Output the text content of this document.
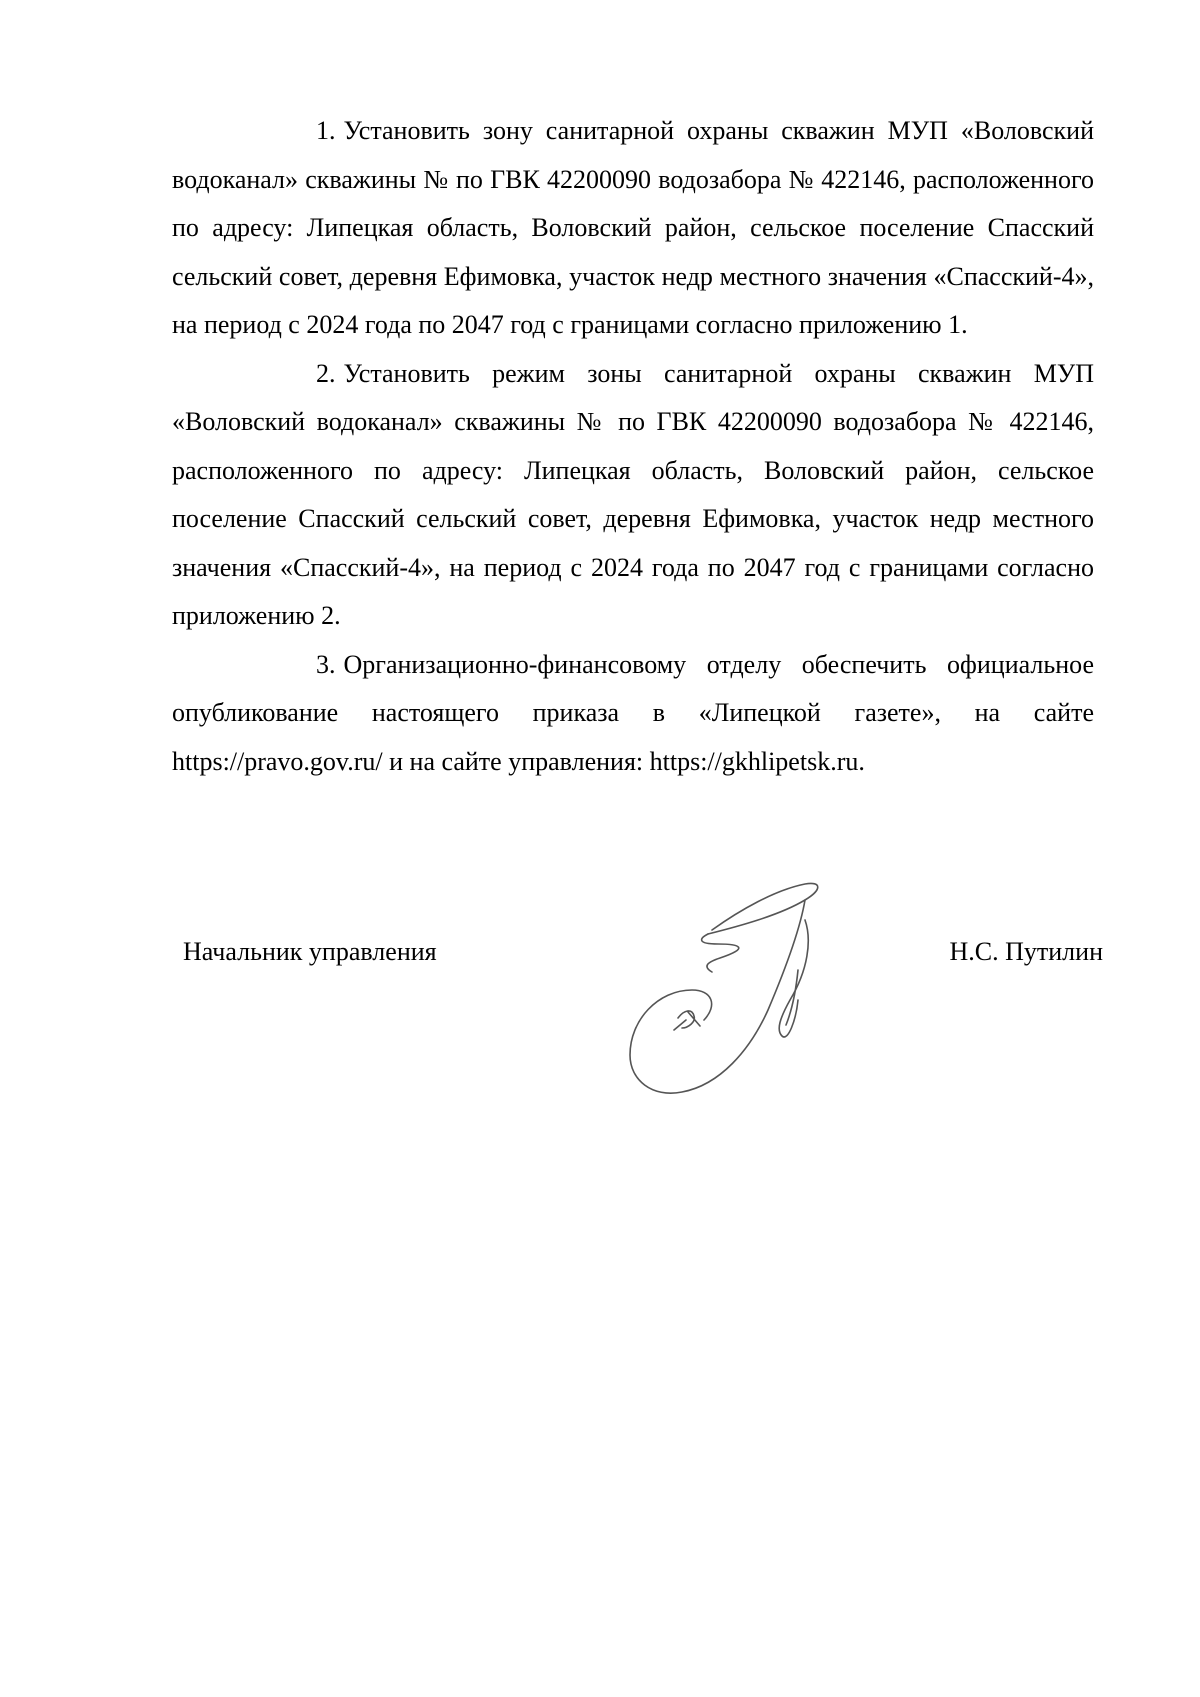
1. Установить зону санитарной охраны скважин МУП «Воловский водоканал» скважины № по ГВК 42200090 водозабора № 422146, расположенного по адресу: Липецкая область, Воловский район, сельское поселение Спасский сельский совет, деревня Ефимовка, участок недр местного значения «Спасский-4», на период с 2024 года по 2047 год с границами согласно приложению 1.

2. Установить режим зоны санитарной охраны скважин МУП «Воловский водоканал» скважины № по ГВК 42200090 водозабора № 422146, расположенного по адресу: Липецкая область, Воловский район, сельское поселение Спасский сельский совет, деревня Ефимовка, участок недр местного значения «Спасский-4», на период с 2024 года по 2047 год с границами согласно приложению 2.

3. Организационно-финансовому отделу обеспечить официальное опубликование настоящего приказа в «Липецкой газете», на сайте https://pravo.gov.ru/ и на сайте управления: https://gkhlipetsk.ru.

Начальник управления	Н.С. Путилин
